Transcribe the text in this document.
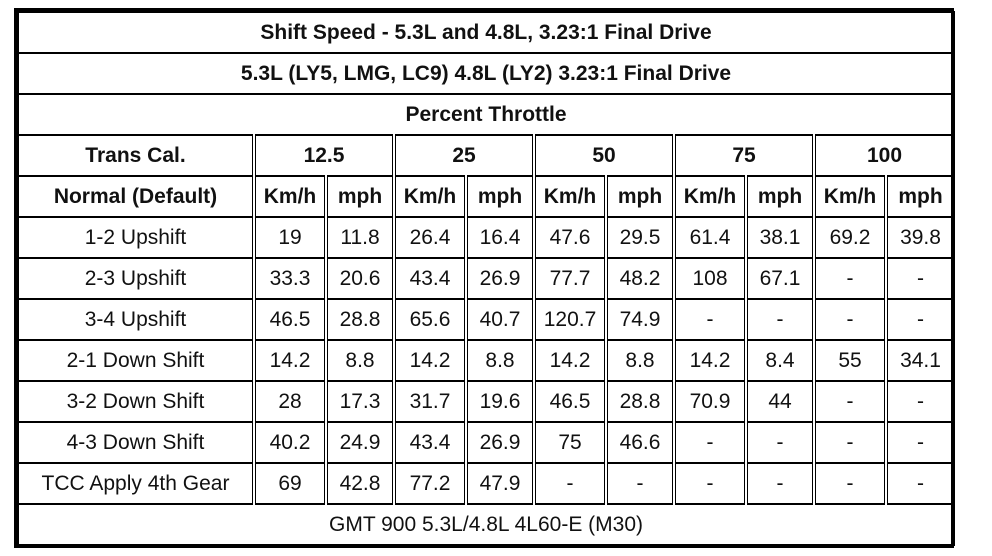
Shift Speed - 5.3L and 4.8L, 3.23:1 Final Drive										
5.3L (LY5, LMG, LC9) 4.8L (LY2) 3.23:1 Final Drive										
Percent Throttle										
Trans Cal.	12.5		25		50		75		100	
Normal (Default)	Km/h	mph	Km/h	mph	Km/h	mph	Km/h	mph	Km/h	mph
1-2 Upshift	19	11.8	26.4	16.4	47.6	29.5	61.4	38.1	69.2	39.8
2-3 Upshift	33.3	20.6	43.4	26.9	77.7	48.2	108	67.1	-	-
3-4 Upshift	46.5	28.8	65.6	40.7	120.7	74.9	-	-	-	-
2-1 Down Shift	14.2	8.8	14.2	8.8	14.2	8.8	14.2	8.4	55	34.1
3-2 Down Shift	28	17.3	31.7	19.6	46.5	28.8	70.9	44	-	-
4-3 Down Shift	40.2	24.9	43.4	26.9	75	46.6	-	-	-	-
TCC Apply 4th Gear	69	42.8	77.2	47.9	-	-	-	-	-	-
GMT 900 5.3L/4.8L 4L60-E (M30)										
